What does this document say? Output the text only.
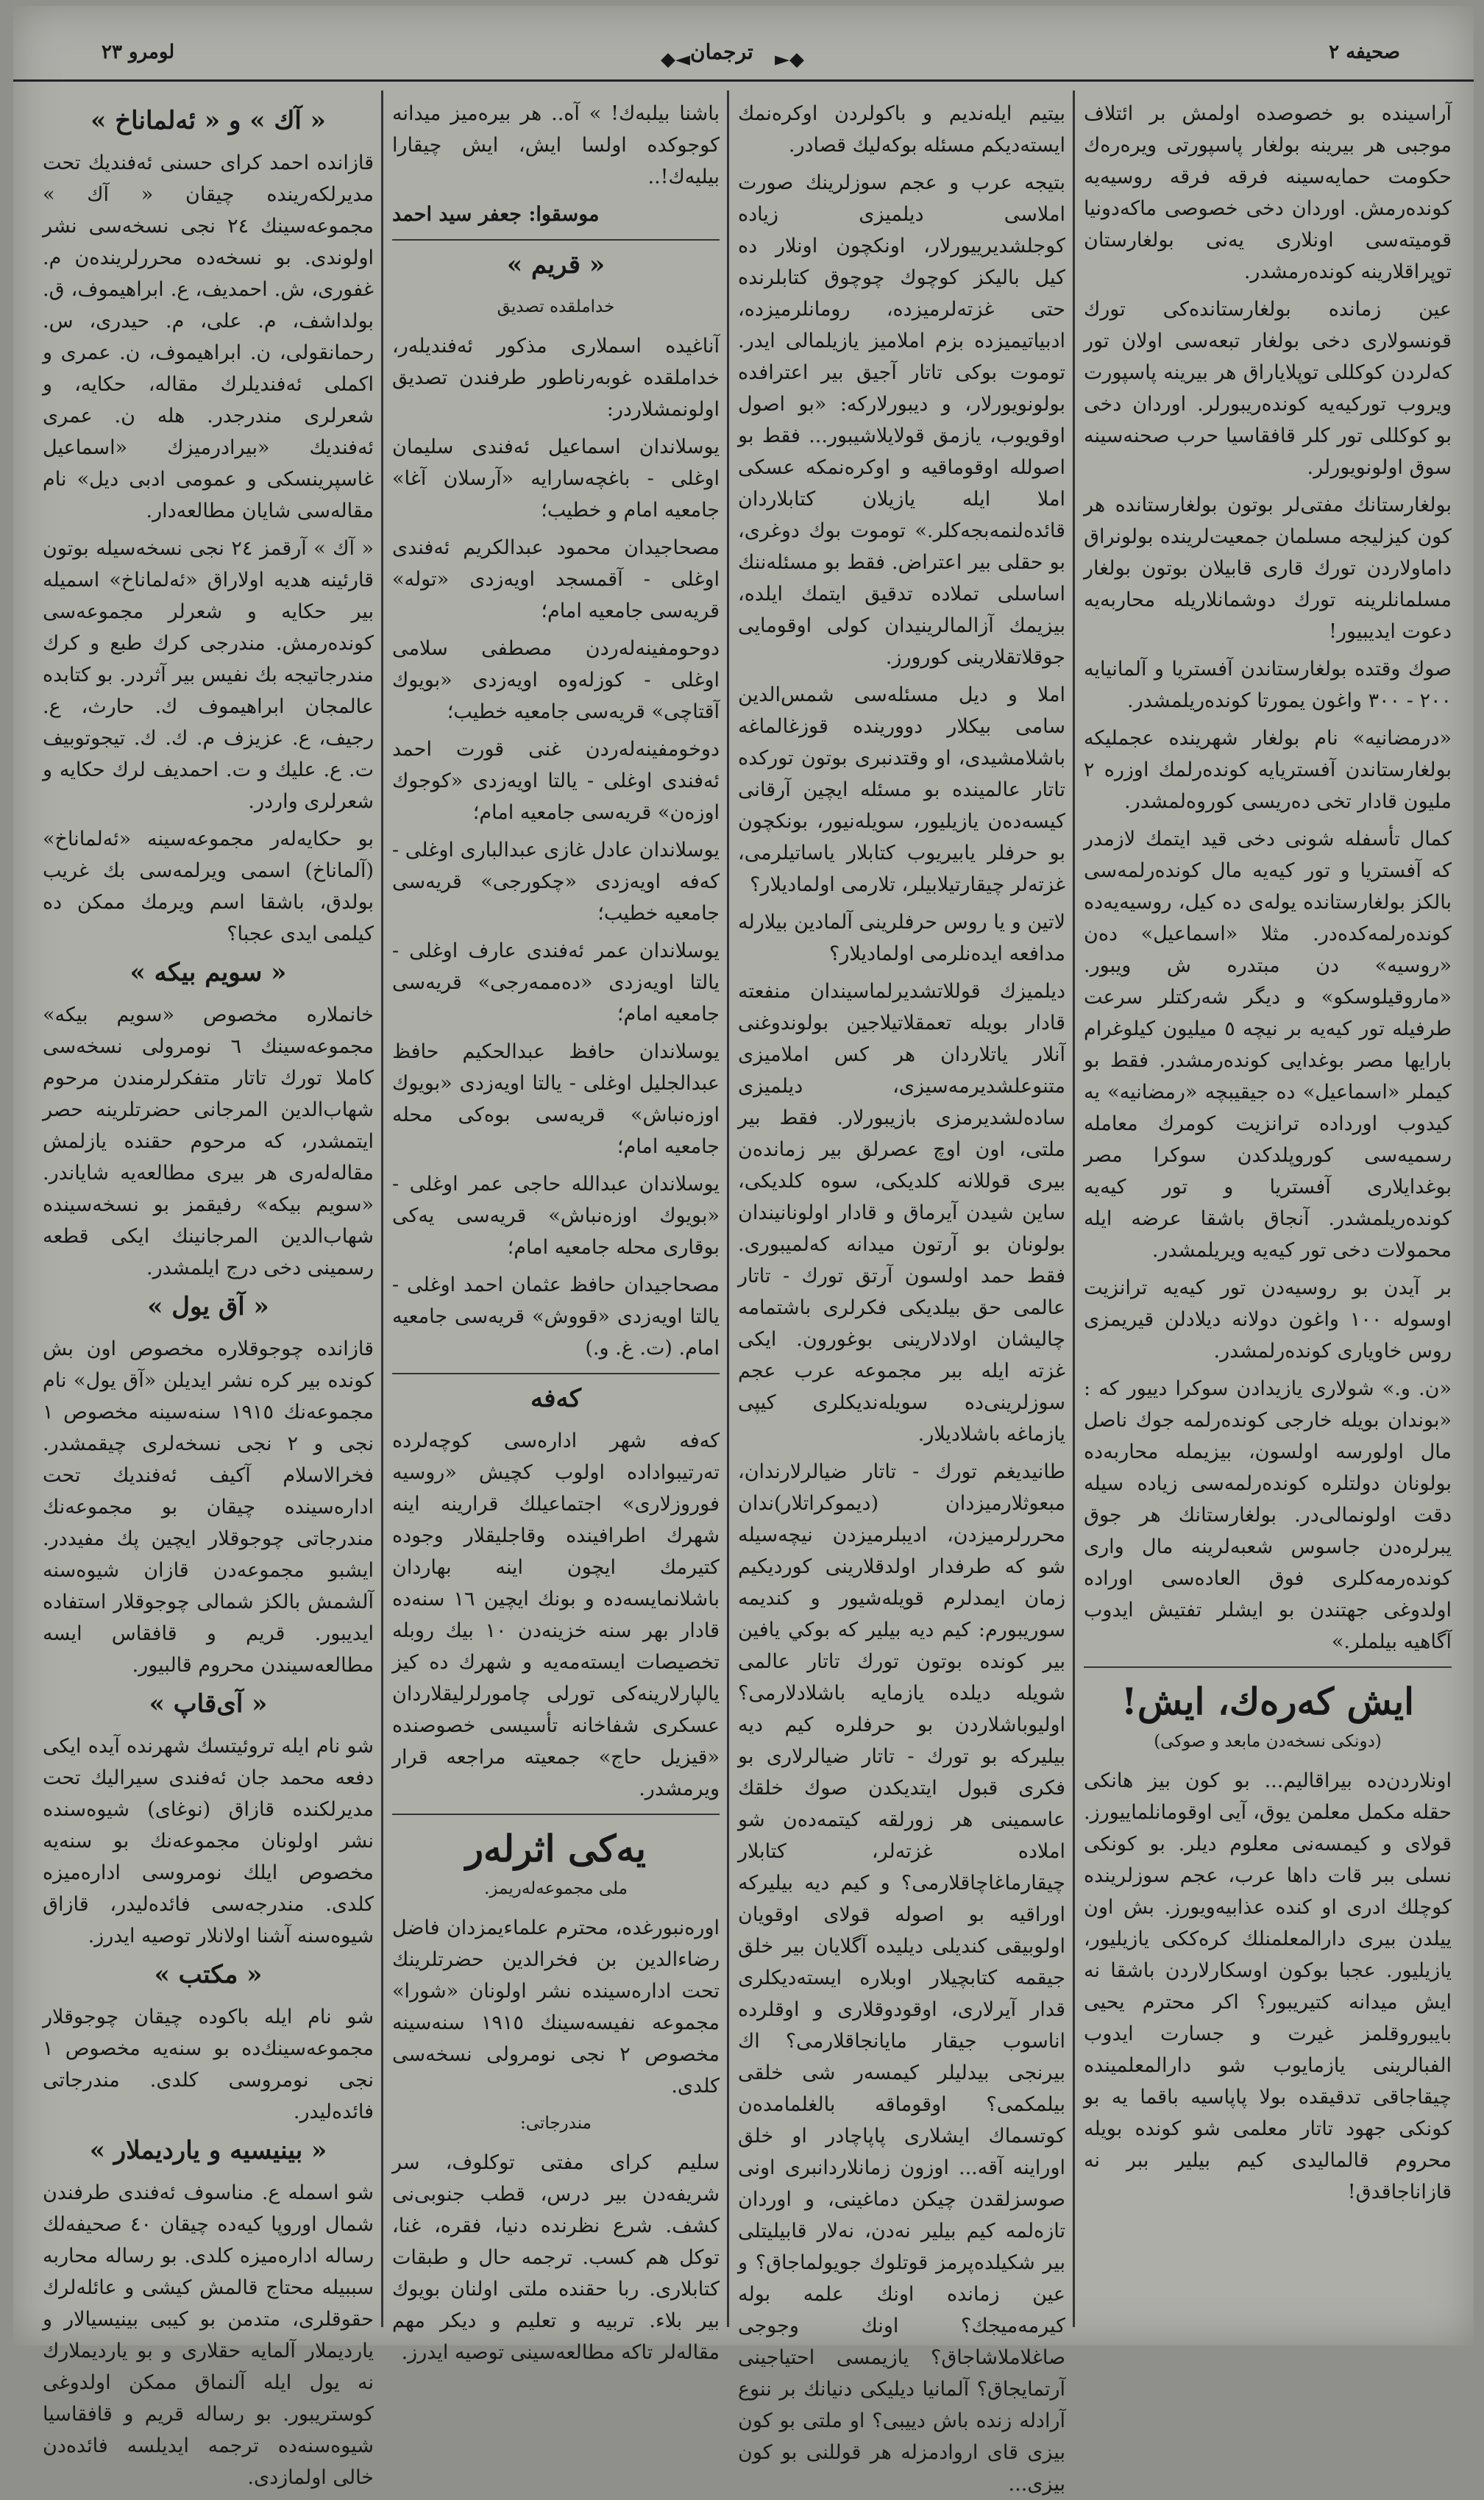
صحيفه ٢
◄◆ ترجمان ◆►
لومرو ٢٣

آراسينده بو خصوصده اولمش بر ائتلاف موجبى هر بيرينه بولغار پاسپورتى ويرەرەك حكومت حمايه‌سينه فرقه فرقه روسيه‌يه كوندەرمش. اوردان دخى خصوصى ماكه‌دونيا قوميته‌سى اونلارى يه‌نى بولغارستان توپراقلارينه كوندەرمشدر.

عين زمانده بولغارستانده‌كى تورك قونسولارى دخى بولغار تبعه‌سى اولان تور كه‌لردن كوكللى توپلاياراق هر بيرينه پاسپورت ويروب توركيه‌يه كوندەريبورلر. اوردان دخى بو كوكللى تور كلر قافقاسيا حرب صحنه‌سينه سوق اولونويورلر.

بولغارستانك مفتى‌لر بوتون بولغارستانده هر كون كيزليجه مسلمان جمعيت‌لرينده بولونراق داماولاردن تورك قارى قابيلان بوتون بولغار مسلمانلرينه تورك دوشمانلاريله محاربه‌يه دعوت ايديبيور!

صوك وقتده بولغارستاندن آفستريا و آلمانيايه ٢٠٠ - ٣٠٠ واغون يمورتا كوندەريلمشدر.

«درمضانيه» نام بولغار شهرينده عجمليكه بولغارستاندن آفستريايه كوندەرلمك اوزره ٢ مليون قادار تخى دەريسى كوروەلمشدر.

كمال تأسفله شونى دخى قيد ايتمك لازمدر كه آفستريا و تور كيه‌يه مال كوندەرلمه‌سى بالكز بولغارستانده يوله‌ى ده كيل، روسيه‌يه‌ده كوندەرلمه‌كده‌در. مثلا «اسماعيل» ده‌ن «روسيه» دن مبتدره ش ويبور. «ماروقيلوسكو» و ديگر شەركتلر سرعت طرفيله تور كيه‌يه بر نيچه ٥ ميليون كيلوغرام بارايها مصر بوغدايى كوندەرمشدر. فقط بو كيملر «اسماعيل» ده جيقيبچه «رمضانيه» يه كيدوب اورداده ترانزيت كومرك معامله رسميه‌سى كوروپلدكدن سوكرا مصر بوغدايلارى آفستريا و تور كيه‌يه كوندەريلمشدر. آنجاق باشقا عرضه ايله محمولات دخى تور كيه‌يه ويريلمشدر.

بر آيدن بو روسيه‌دن تور كيه‌يه ترانزيت اوسوله ١٠٠ واغون دولانه ديلادلن قيريمزى روس خاويارى كوندەرلمشدر.

«ن. و.» شولارى يازيدادن سوكرا دييور كه : «بوندان بويله خارجى كوندەرلمه جوك ناصل مال اولورسه اولسون، بيزيمله محاربه‌ده بولونان دولتلره كوندەرلمه‌سى زياده سيله دقت اولونمالى‌در. بولغارستانك هر جوق يبرلره‌دن جاسوس شعبه‌لرينه مال وارى كوندەرمه‌كلرى فوق العاده‌سى اوراده اولدوغى جهتندن بو ايشلر تفتيش ايدوب آگاهيه بيلملر.»

ايش كەرەك، ايش!
(دونكى نسخه‌دن مابعد و صوكى)

اونلاردن‌ده بيراقاليم... بو كون بيز هانكى حقله مكمل معلمن يوق، آيى اوقومانلماييورز. قولاى و كيمسەنى معلوم ديلر. بو كونكى نسلى ببر قات داها عرب، عجم سوزلرينده كوچلك ادرى او كنده عذابيه‌ويورز. بش اون ييلدن بيرى دارالمعلمنلك كره‌ككى يازيليور، يازيليور. عجبا بوكون اوسكارلاردن باشقا نه ايش ميدانه كتيريبور؟ اكر محترم يحيى بايبوروقلمز غيرت و جسارت ايدوب الفبالرينى يازمايوب شو دارالمعلمينده چيقاجاقى تدقيقده بولا پاپاسيه باقما يه بو كونكى جهود تاتار معلمى شو كونده بويله محروم قالماليدى كيم بيلير ببر نه قازاناجاقدق!

بيتيم ايله‌نديم و باكولردن اوكرەنمك ايسته‌ديكم مسئله بوكه‌ليك قصادر.

بتيجه عرب و عجم سوزلرينك صورت املاسى ديلميزى زياده كوجلشديرييورلار، اونكچون اونلار ده كيل باليكز كوچوك چوچوق كتابلرنده حتى غزته‌لرميزده، رومانلرميزده، ادبياتيميزده بزم املاميز يازيلمالى ايدر. توموت بوكى تاتار آجيق بير اعترافده بولونويورلار، و ديبورلاركه: «بو اصول اوقويوب، يازمق قولايلاشيبور... فقط بو اصولله اوقوماقيه و اوكرەنمكه عسكى املا ايله يازيلان كتابلاردان قائدەلنمه‌بجه‌كلر.» توموت بوك دوغرى، بو حقلى بير اعتراض. فقط بو مسئله‌ننك اساسلى تملاده تدقيق ايتمك ايلده، بيزيمك آزالمالرينيدان كولى اوقومايى جوقلاتقلارينى كورورز.

املا و ديل مسئله‌سى شمس‌الدين سامى بيكلار دوورينده قوزغالماغه باشلامشيدى، او وقتدنبرى بوتون توركده تاتار عالمينده بو مسئله ايچين آرقانى كيسه‌ده‌ن يازيليور، سويله‌نيور، بونكچون بو حرفلر يابيريوب كتابلار ياساتيلرمى، غزته‌لر چيقارتيلابيلر، تلارمى اولماديلار؟

لاتين و يا روس حرفلرينى آلمادين بيلارله مدافعه ايدەنلرمى اولماديلار؟

ديلميزك قوللاتشديرلماسيندان منفعته قادار بويله تعمقلاتيلاجين بولوندوغنى آنلار ياتلاردان هر كس املاميزى متنوعلشديرمه‌سيزى، ديلميزى ساده‌لشديرمزى بازيبورلار. فقط بير ملتى، اون اوچ عصرلق بير زمانده‌ن بيرى قوللانه كلديكى، سوه كلديكى، ساين شيدن آيرماق و قادار اولونانيندان بولونان بو آرتون ميدانه كه‌لميبورى. فقط حمد اولسون آرتق تورك - تاتار عالمى حق بيلديكى فكرلرى باشتمامه چاليشان اولادلارينى بوغورون. ايكى غزته ايله ببر مجموعه عرب عجم سوزلرينى‌ده سويله‌نديكلرى كيپى يازماغه باشلاديلار.

طانيديغم تورك - تاتار ضيالرلارندان، مبعوثلارميزدان (ديموكراتلار)ندان محررلرميزدن، اديبلرميزدن نيچه‌سيله شو كه طرفدار اولدقلارينى كورديكيم زمان ايمدلرم قويله‌شيور و كنديمه سوريبورم: كيم ديه بيلير كه بوكي يافين بير كونده بوتون تورك تاتار عالمى شويله ديلده يازمايه باشلادلارمى؟ اوليوباشلاردن بو حرفلره كيم ديه بيليركه بو تورك - تاتار ضيالرلارى بو فكرى قبول ايتديكدن صوك خلقك عاسمينى هر زورلقه كيتمه‌ده‌ن شو املاده غزته‌لر، كتابلار چيقارماغاچاقلارمى؟ و كيم ديه بيليركه اوراقيه بو اصوله قولاى اوقويان اولوبيقى كنديلى ديليده آگلايان بير خلق جيقمه كتابچيلار اوبلاره ايسته‌ديكلرى قدار آيرلارى، اوقودوقلارى و اوقلرده اناسوب جيقار مايانجاقلارمى؟ اك بيرنجى بيدليلر كيمسه‌ر شى خلقى بيلمكمى؟ اوقوماقه بالغلمامده‌ن كوتسماك ايشلارى پاپاچادر او خلق اوراينه آقه... اوزون زمانلاردانبرى اونى صوسزلقدن چيكن دماغينى، و اوردان تازه‌لمه كيم بيلير نه‌دن، نه‌لار قابيليتلى بير شكيلده‌پرمز قوتلوك جويولماجاق؟ و عين زمانده اونك علمه بوله كيرمه‌ميجك؟ اونك وجوجى صاغلاملاشاجاق؟ يازيمسى احتياجينى آرتمايجاق؟ آلمانيا ديليكى دنيانك بر ننوع آرادله زنده باش دييبى؟ او ملتى بو كون بيزى قاى اروادمزله هر قوللنى بو كون بيزى...

باشنا بيلبه‌ك! » آه.. هر بيرەميز ميدانه كوجوكده اولسا ايش، ايش چيقارا بيليه‌ك!..

موسقوا: جعفر سيد احمد
« قريم »
خداملقده تصديق

آناغيده اسملارى مذكور ئه‌فنديلەر، خداملقده غوبەرناطور طرفندن تصديق اولونمشلاردر:

يوسلاندان اسماعيل ئه‌فندى سليمان اوغلى - باغچه‌سارايه «آرسلان آغا» جامعيه امام و خطيب؛

مصحاجيدان محمود عبدالكريم ئه‌فندى اوغلى - آقمسجد اويه‌زدى «تولە» قريه‌سى جامعيه امام؛

دوحومفينه‌لەردن مصطفى سلامى اوغلى - كوزلەوه اويه‌زدى «بويوك آقتاچى» قريه‌سى جامعيه خطيب؛

دوخومفينه‌لەردن غنى قورت احمد ئه‌فندى اوغلى - يالتا اويه‌زدى «كوجوك اوزەن» قريه‌سى جامعيه امام؛

يوسلاندان عادل غازى عبدالبارى اوغلى - كه‌فه اويه‌زدى «چكورجى» قريه‌سى جامعيه خطيب؛

يوسلاندان عمر ئه‌فندى عارف اوغلى - يالتا اويه‌زدى «دەممەرجى» قريه‌سى جامعيه امام؛

يوسلاندان حافظ عبدالحكيم حافظ عبدالجليل اوغلى - يالتا اويه‌زدى «بويوك اوزەنباش» قريه‌سى بوه‌كى محله جامعيه امام؛

يوسلاندان عبدالله حاجى عمر اوغلى - «بويوك اوزەنباش» قريه‌سى يه‌كى بوقارى محله جامعيه امام؛

مصحاجيدان حافظ عثمان احمد اوغلى - يالتا اويه‌زدى «قووش» قريه‌سى جامعيه امام. (ت. غ. و.)

كەفە

كه‌فه شهر ادارەسى كوچەلردە تەرتيبواداده اولوب كچيش «روسيه فوروزلارى» اجتماعيلك قرارينه اينه شهرك اطرافينده وقاجليقلار وجوده كتيرمك ايچون اينه بهاردان باشلانمايسه‌ده و بونك ايچين ١٦ سنه‌ده قادار بهر سنه خزينه‌دن ١٠ بيك روبله تخصيصات ايسته‌مه‌يه و شهرك دە كيز يالپارلارينه‌كى تورلى چامورلرليقلاردان عسكرى شفاخانه تأسيسى خصوصنده «قيزيل حاج» جمعيته مراجعه قرار ويرمشدر.

يەكى اثرلەر
ملى مجموعه‌لەريمز.

اوره‌نبورغده، محترم علماءيمزدان فاضل رضاءالدين بن فخرالدين حضرتلرينك تحت ادارەسينده نشر اولونان «شورا» مجموعه نفيسه‌سينك ١٩١٥ سنه‌سينه مخصوص ٢ نجى نومرولى نسخه‌سى كلدى.

مندرجاتى:

سليم كراى مفتى توكلوف، سر شريفه‌دن بير درس، قطب جنوبى‌نى كشف. شرع نظرنده دنيا، فقره، غنا، توكل هم كسب. ترجمه حال و طبقات كتابلارى. ربا حقنده ملتى اولنان بويوك بير بلاء. تربيه و تعليم و ديكر مهم مقاله‌لر تاكه مطالعه‌سينى توصيه ايدرز.

« آك » و « ئەلماناخ »

قازانده احمد كراى حسنى ئه‌فنديك تحت مديرلكه‌رينده چيقان « آك » مجموعه‌سينك ٢٤ نجى نسخه‌سى نشر اولوندى. بو نسخه‌ده محررلرينده‌ن م. غفورى، ش. احمديف، ع. ابراهيموف، ق. بولداشف، م. على، م. حيدرى، س. رحمانقولى، ن. ابراهيموف، ن. عمرى و اكملى ئه‌فنديلرك مقاله، حكايه، و شعرلرى مندرجدر. هله ن. عمرى ئه‌فنديك «بيرادرميزك «اسماعيل غاسپرينسكى و عمومى ادبى ديل» نام مقاله‌سى شايان مطالعه‌دار.

« آك » آرقمز ٢٤ نجى نسخه‌سيله بوتون قارئينه هديه اولاراق «ئەلماناخ» اسميله بير حكايه و شعرلر مجموعه‌سى كوندەرمش. مندرجى كرك طبع و كرك مندرجاتيجه بك نفيس بير آثردر. بو كتابده عالمجان ابراهيموف ك. حارث، ع. رجيف، ع. عزيزف م. ك. ك. تيجوتوبيف ت. ع. عليك و ت. احمديف لرك حكايه و شعرلرى واردر.

بو حكايه‌لەر مجموعه‌سينه «ئەلماناخ» (آلماناخ) اسمى ويرلمه‌سى بك غريب بولدق، باشقا اسم ويرمك ممكن ده كيلمى ايدى عجبا؟

« سويم بيكه »

خانملاره مخصوص «سويم بيكه» مجموعه‌سينك ٦ نومرولى نسخه‌سى كاملا تورك تاتار متفكرلرمندن مرحوم شهاب‌الدين المرجانى حضرتلرينه حصر ايتمشدر، كه مرحوم حقنده يازلمش مقاله‌لەرى هر بيرى مطالعه‌يه شاياندر. «سويم بيكه» رفيقمز بو نسخه‌سينده شهاب‌الدين المرجانينك ايكى قطعه رسمينى دخى درج ايلمشدر.

« آق يول »

قازانده چوجوقلاره مخصوص اون بش كونده بير كره نشر ايديلن «آق يول» نام مجموعه‌نك ١٩١٥ سنه‌سينه مخصوص ١ نجى و ٢ نجى نسخه‌لرى چيقمشدر. فخرالاسلام آكيف ئه‌فنديك تحت ادارەسينده چيقان بو مجموعه‌نك مندرجاتى چوجوقلار ايچين پك مفيددر. ايشبو مجموعه‌دن قازان شيوه‌سنه آلشمش بالكز شمالى چوجوقلار استفاده ايديبور. قريم و قافقاس ايسه مطالعه‌سيندن محروم قالبيور.

« آى‌قاپ »

شو نام ايله تروئيتسك شهرنده آيده ايكى دفعه محمد جان ئه‌فندى سيراليك تحت مديرلكنده قازاق (نوغاى) شيوه‌سنده نشر اولونان مجموعه‌نك بو سنه‌يه مخصوص ايلك نومروسى ادارەميزه كلدى. مندرجه‌سى فائده‌ليدر، قازاق شيوه‌سنه آشنا اولانلار توصيه ايدرز.

« مكتب »

شو نام ايله باكوده چيقان چوجوقلار مجموعه‌سينك‌ده بو سنه‌يه مخصوص ١ نجى نومروسى كلدى. مندرجاتى فائده‌ليدر.

« بينيسيه و يارديملار »

شو اسمله ع. مناسوف ئه‌فندى طرفندن شمال اوروپا كيه‌ده چيقان ٤٠ صحيفه‌لك رساله ادارەميزه كلدى. بو رساله محاربه سببيله محتاج قالمش كيشى و عائله‌لرك حقوقلرى، متدمن بو كيبى بينيسيالار و يارديملار آلمايه حقلارى و بو يارديملارك نه يول ايله آلنماق ممكن اولدوغى كوستريبور. بو رساله قريم و قافقاسيا شيوه‌سنه‌ده ترجمه ايديلسه فائده‌دن خالى اولمازدى.
